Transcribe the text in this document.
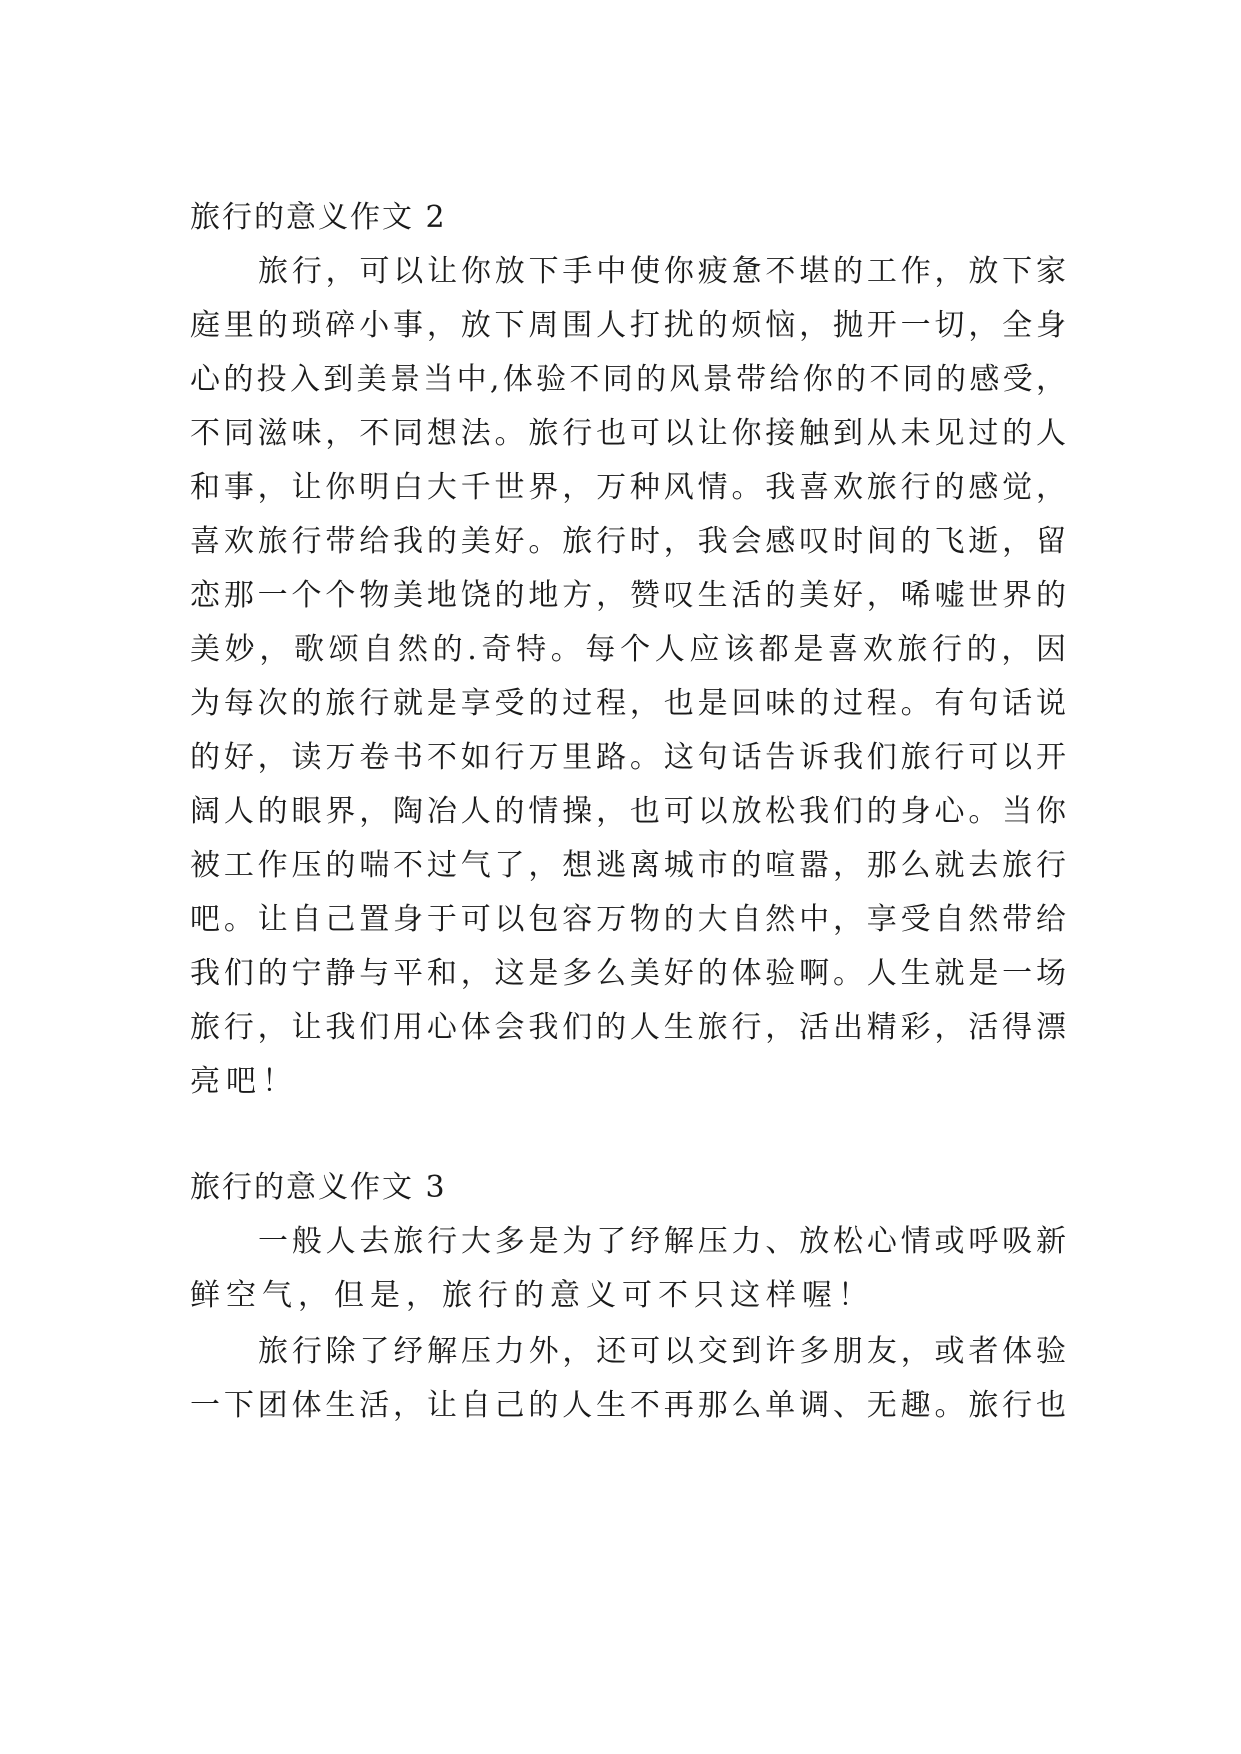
旅行的意义作文 2
旅行，可以让你放下手中使你疲惫不堪的工作，放下家
庭里的琐碎小事，放下周围人打扰的烦恼，抛开一切，全身
心的投入到美景当中,体验不同的风景带给你的不同的感受，
不同滋味，不同想法。旅行也可以让你接触到从未见过的人
和事，让你明白大千世界，万种风情。我喜欢旅行的感觉，
喜欢旅行带给我的美好。旅行时，我会感叹时间的飞逝，留
恋那一个个物美地饶的地方，赞叹生活的美好，唏嘘世界的
美妙，歌颂自然的.奇特。每个人应该都是喜欢旅行的，因
为每次的旅行就是享受的过程，也是回味的过程。有句话说
的好，读万卷书不如行万里路。这句话告诉我们旅行可以开
阔人的眼界，陶冶人的情操，也可以放松我们的身心。当你
被工作压的喘不过气了，想逃离城市的喧嚣，那么就去旅行
吧。让自己置身于可以包容万物的大自然中，享受自然带给
我们的宁静与平和，这是多么美好的体验啊。人生就是一场
旅行，让我们用心体会我们的人生旅行，活出精彩，活得漂
亮吧！
旅行的意义作文 3
一般人去旅行大多是为了纾解压力、放松心情或呼吸新
鲜空气，但是，旅行的意义可不只这样喔！
旅行除了纾解压力外，还可以交到许多朋友，或者体验
一下团体生活，让自己的人生不再那么单调、无趣。旅行也
